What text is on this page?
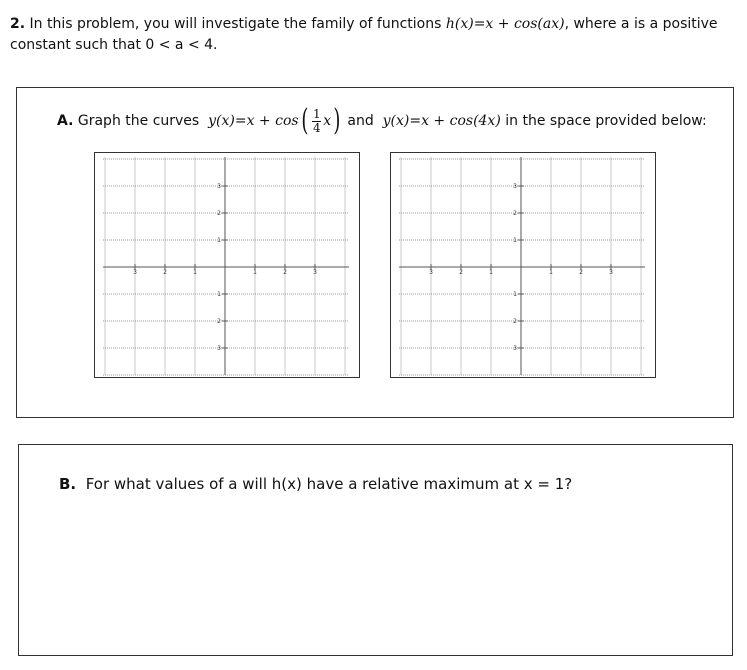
2. In this problem, you will investigate the family of functions h(x)=x + cos(ax), where a is a positive constant such that 0 < a < 4.
A.
Graph the curves
y(x)=x + cos ( $\frac{1}{4}$ x )
and
y(x)=x + cos(4x)
in the space provided below:
3	2	1	1	2	3
3
2
1
1
2
3
3	2	1	1	2	3
3
2
1
1
2
3
B. For what values of a will h(x) have a relative maximum at x = 1?
